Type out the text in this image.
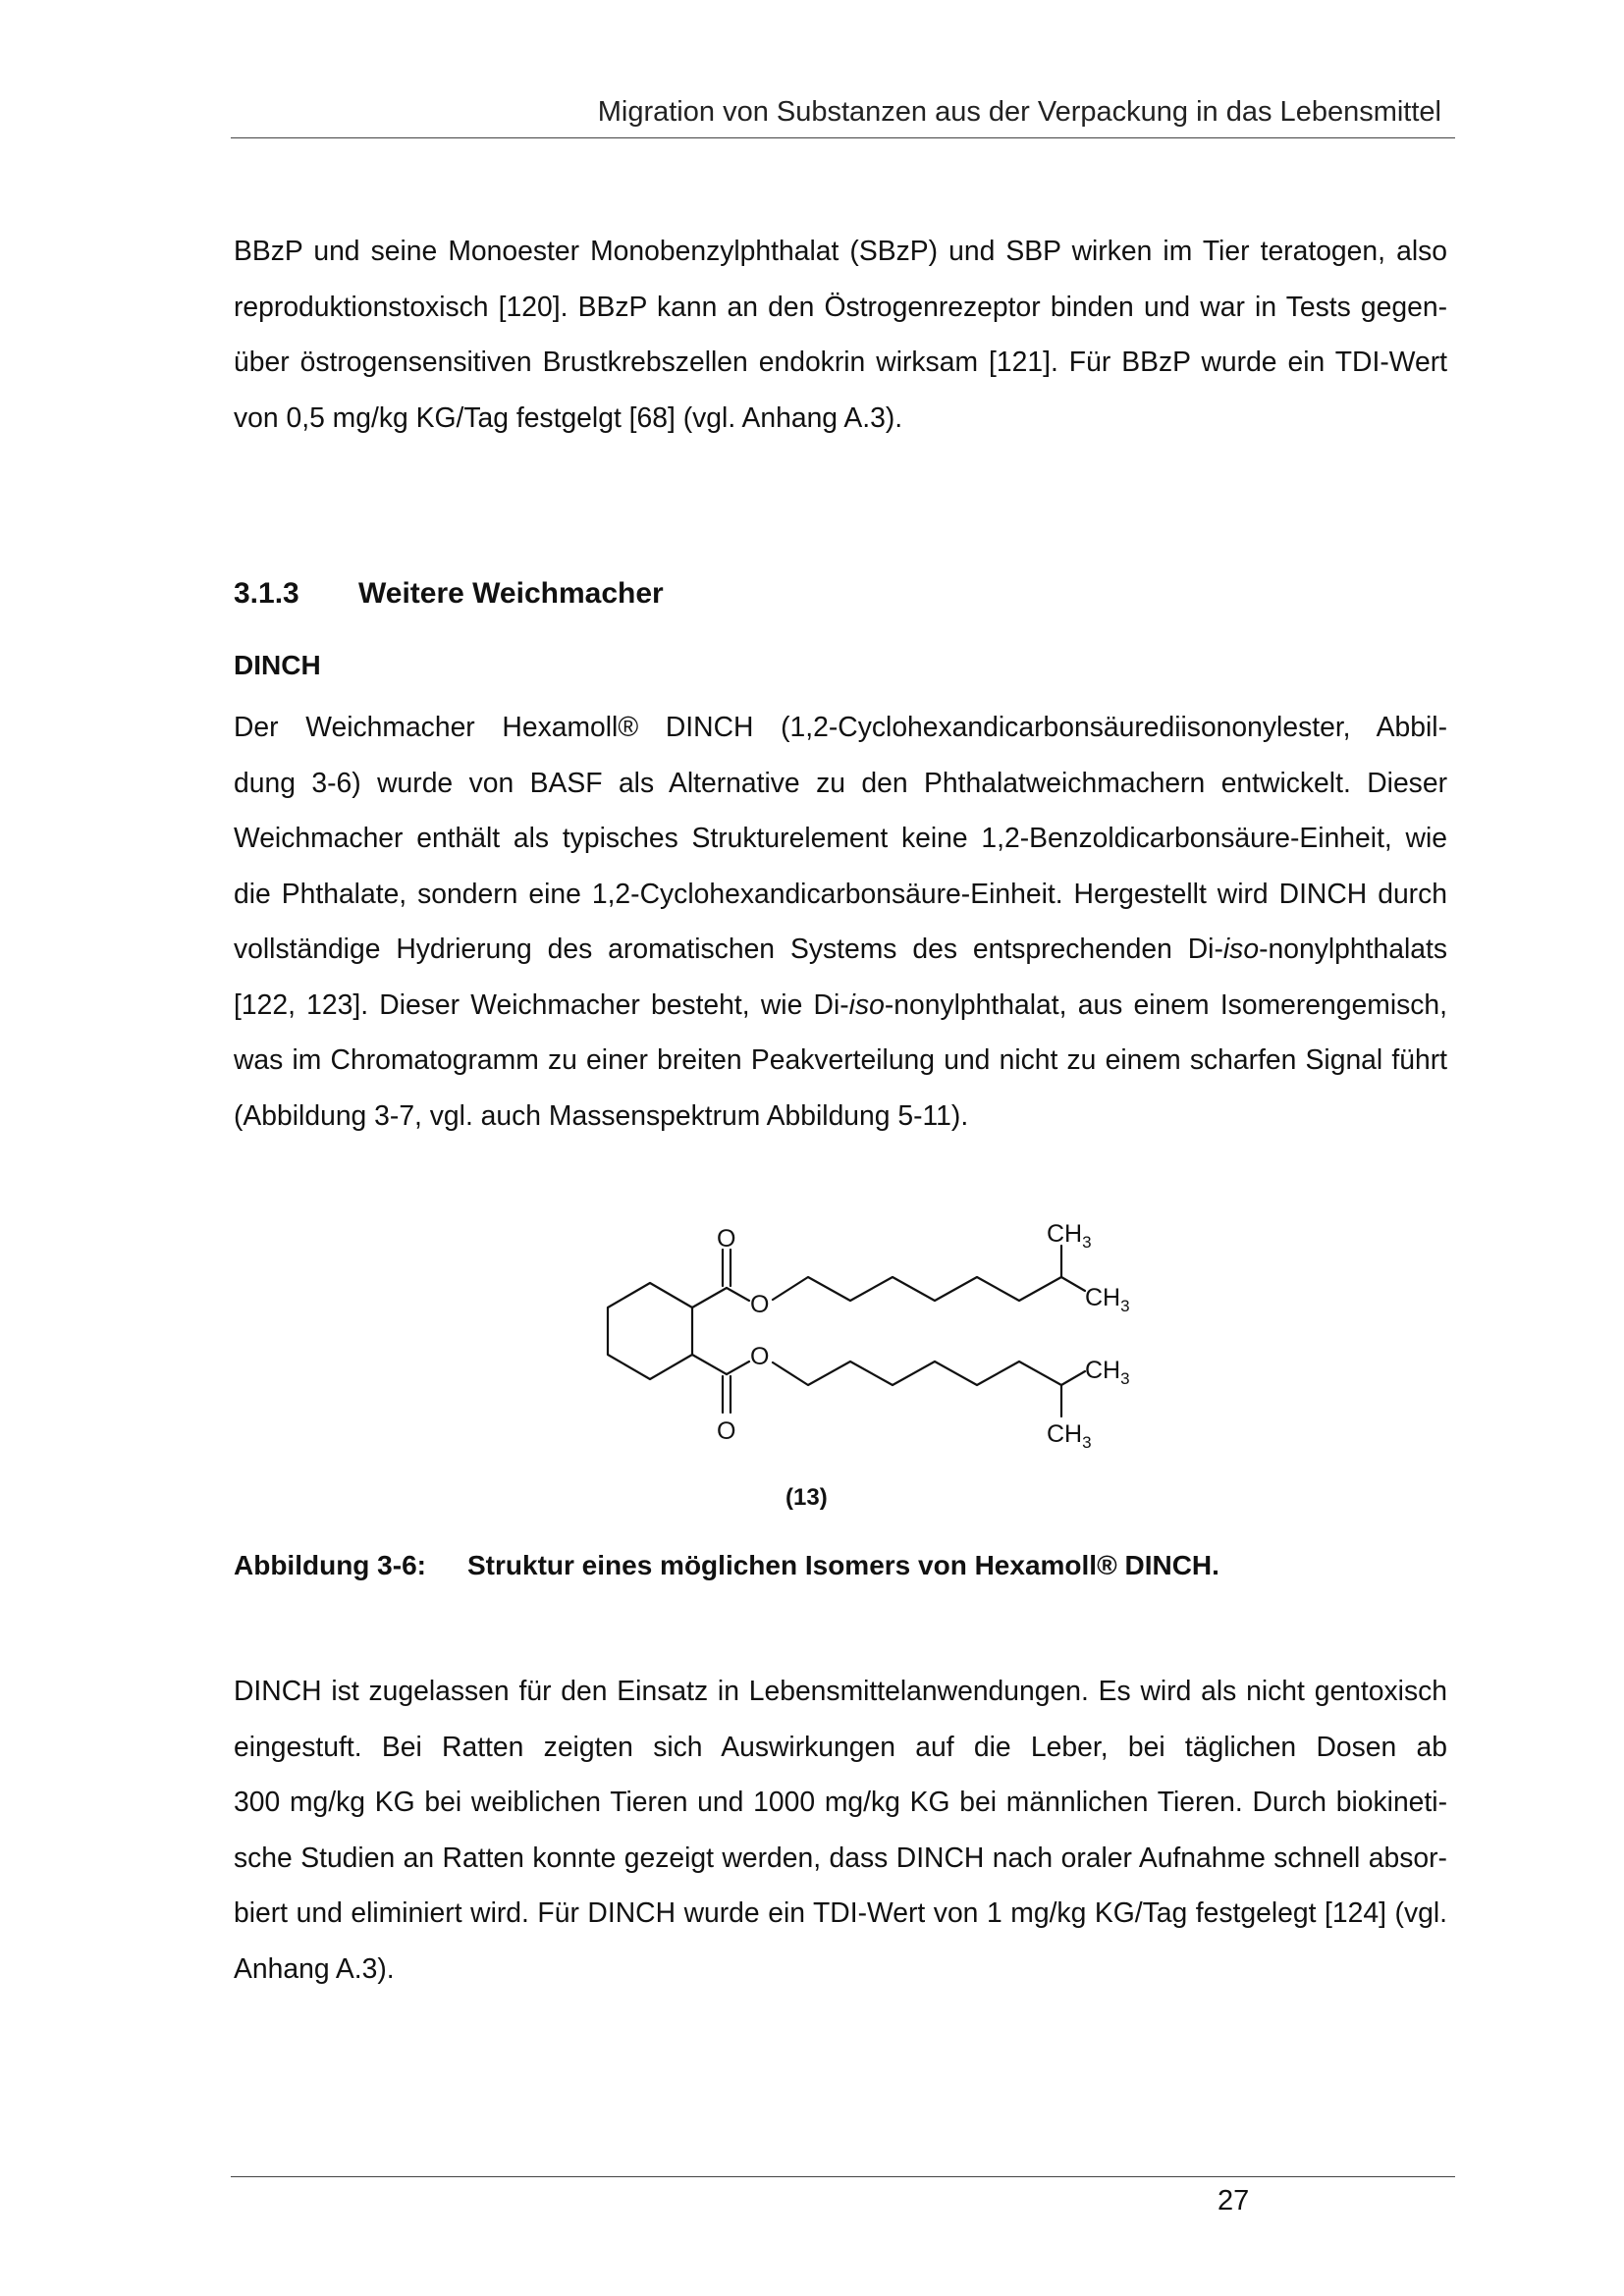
Migration von Substanzen aus der Verpackung in das Lebensmittel
BBzP und seine Monoester Monobenzylphthalat (SBzP) und SBP wirken im Tier teratogen, also
reproduktionstoxisch [120]. BBzP kann an den Östrogenrezeptor binden und war in Tests gegen-
über östrogensensitiven Brustkrebszellen endokrin wirksam [121]. Für BBzP wurde ein TDI-Wert
von 0,5 mg/kg KG/Tag festgelgt [68] (vgl. Anhang A.3).
3.1.3 Weitere Weichmacher
DINCH
Der Weichmacher Hexamoll® DINCH (1,2-Cyclohexandicarbonsäurediisononylester, Abbil-
dung 3-6) wurde von BASF als Alternative zu den Phthalatweichmachern entwickelt. Dieser
Weichmacher enthält als typisches Strukturelement keine 1,2-Benzoldicarbonsäure-Einheit, wie
die Phthalate, sondern eine 1,2-Cyclohexandicarbonsäure-Einheit. Hergestellt wird DINCH durch
vollständige Hydrierung des aromatischen Systems des entsprechenden Di-iso-nonylphthalats
[122, 123]. Dieser Weichmacher besteht, wie Di-iso-nonylphthalat, aus einem Isomerengemisch,
was im Chromatogramm zu einer breiten Peakverteilung und nicht zu einem scharfen Signal führt
(Abbildung 3-7, vgl. auch Massenspektrum Abbildung 5-11).
O
O
O
O
$CH_3$
$CH_3$
$CH_3$
$CH_3$
(13)
Abbildung 3-6: Struktur eines möglichen Isomers von Hexamoll® DINCH.
DINCH ist zugelassen für den Einsatz in Lebensmittelanwendungen. Es wird als nicht gentoxisch
eingestuft. Bei Ratten zeigten sich Auswirkungen auf die Leber, bei täglichen Dosen ab
300 mg/kg KG bei weiblichen Tieren und 1000 mg/kg KG bei männlichen Tieren. Durch biokineti-
sche Studien an Ratten konnte gezeigt werden, dass DINCH nach oraler Aufnahme schnell absor-
biert und eliminiert wird. Für DINCH wurde ein TDI-Wert von 1 mg/kg KG/Tag festgelegt [124] (vgl.
Anhang A.3).
27
